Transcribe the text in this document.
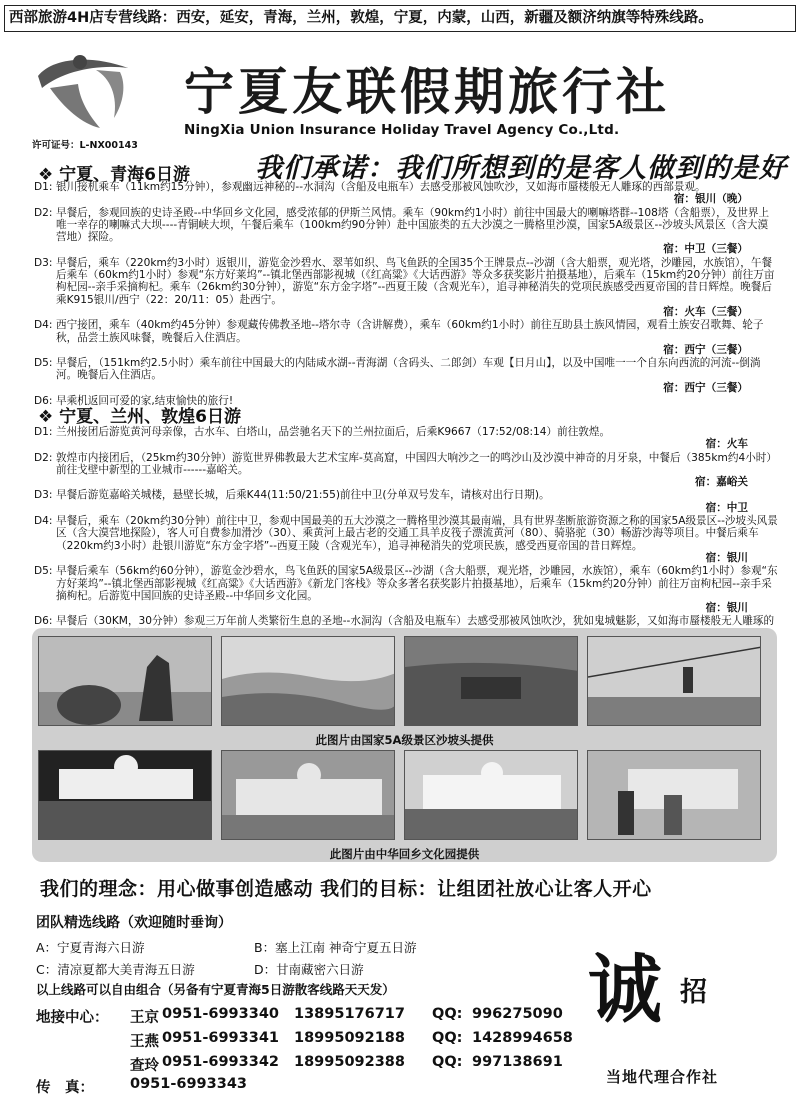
西部旅游4H店专营线路：西安，延安，青海，兰州，敦煌，宁夏，内蒙，山西，新疆及额济纳旗等特殊线路。
宁夏友联假期旅行社
NingXia Union Insurance Holiday Travel Agency Co.,Ltd.
许可证号：L-NX00143
我们承诺：我们所想到的是客人做到的是好
❖ 宁夏、青海6日游
D1: 银川接机乘车（11km约15分钟），参观幽远神秘的--水洞沟（含船及电瓶车）去感受那被风蚀吹沙，又如海市蜃楼般无人雕琢的西部景观。
宿：银川（晚）
D2: 早餐后，参观回族的史诗圣殿--中华回乡文化园，感受浓郁的伊斯兰风情。乘车（90km约1小时）前往中国最大的喇嘛塔群--108塔（含船票），及世界上唯一幸存的喇嘛式大坝----青铜峡大坝，午餐后乘车（100km约90分钟）赴中国旅类的五大沙漠之一腾格里沙漠，国家5A级景区--沙坡头风景区（含大漠营地）探险。
宿：中卫（三餐）
D3: 早餐后，乘车（220km约3小时）返银川，游览金沙碧水、翠苇如织、鸟飞鱼跃的全国35个王牌景点--沙湖（含大船票，观光塔，沙雕园，水族馆），午餐后乘车（60km约1小时）参观“东方好莱坞”--镇北堡西部影视城（《红高粱》《大话西游》等众多获奖影片拍摄基地），后乘车（15km约20分钟）前往万亩枸杞园--亲手采摘枸杞。乘车（26km约30分钟），游览“东方金字塔”--西夏王陵（含观光车），追寻神秘消失的党项民族感受西夏帝国的昔日辉煌。晚餐后乘K915银川/西宁（22：20/11：05）赴西宁。
宿：火车（三餐）
D4: 西宁接团，乘车（40km约45分钟）参观藏传佛教圣地--塔尔寺（含讲解费），乘车（60km约1小时）前往互助县土族风情园，观看土族安召歌舞、轮子秋，品尝土族风味餐，晚餐后入住酒店。
宿：西宁（三餐）
D5: 早餐后，（151km约2.5小时）乘车前往中国最大的内陆咸水湖--青海湖（含码头、二郎剑）车观【日月山】，以及中国唯一一个自东向西流的河流--倒淌河。晚餐后入住酒店。
宿：西宁（三餐）
D6: 早乘机返回可爱的家,结束愉快的旅行!
❖ 宁夏、兰州、敦煌6日游
D1: 兰州接团后游览黄河母亲像，古水车、白塔山，品尝驰名天下的兰州拉面后，后乘K9667（17:52/08:14）前往敦煌。
宿：火车
D2: 敦煌市内接团后，（25km约30分钟）游览世界佛教最大艺术宝库-莫高窟，中国四大响沙之一的鸣沙山及沙漠中神奇的月牙泉，中餐后（385km约4小时）前往戈壁中新型的工业城市------嘉峪关。
宿：嘉峪关
D3: 早餐后游览嘉峪关城楼，悬壁长城，后乘K44(11:50/21:55)前往中卫(分单双号发车，请核对出行日期)。
宿：中卫
D4: 早餐后，乘车（20km约30分钟）前往中卫，参观中国最美的五大沙漠之一腾格里沙漠其最南端，具有世界垄断旅游资源之称的国家5A级景区--沙坡头风景区（含大漠营地探险），客人可自费参加滑沙（30）、乘黄河上最古老的交通工具羊皮筏子漂流黄河（80）、骑骆驼（30）畅游沙海等项目。中餐后乘车（220km约3小时）赴银川游览“东方金字塔”--西夏王陵（含观光车），追寻神秘消失的党项民族，感受西夏帝国的昔日辉煌。
宿：银川
D5: 早餐后乘车（56km约60分钟），游览金沙碧水，鸟飞鱼跃的国家5A级景区--沙湖（含大船票，观光塔，沙雕园，水族馆），乘车（60km约1小时）参观“东方好莱坞”--镇北堡西部影视城《红高粱》《大话西游》《新龙门客栈》等众多著名获奖影片拍摄基地），后乘车（15km约20分钟）前往万亩枸杞园--亲手采摘枸杞。后游览中国回族的史诗圣殿--中华回乡文化园。
宿：银川
D6: 早餐后（30KM，30分钟）参观三万年前人类繁衍生息的圣地--水洞沟（含船及电瓶车）去感受那被风蚀吹沙，犹如鬼城魅影，又如海市蜃楼般无人雕琢的
此图片由国家5A级景区沙坡头提供
此图片由中华回乡文化园提供
我们的理念：用心做事创造感动 我们的目标：让组团社放心让客人开心
团队精选线路（欢迎随时垂询）
A：宁夏青海六日游	B：塞上江南 神奇宁夏五日游
C：清凉夏都大美青海五日游	D：甘南藏密六日游
以上线路可以自由组合（另备有宁夏青海5日游散客线路天天发）
地接中心： 王京 0951-6993340 13895176717 QQ: 996275090
王燕 0951-6993341 18995092188 QQ: 1428994658
查玲 0951-6993342 18995092388 QQ: 997138691
传　真： 0951-6993343
诚 招
当地代理合作社
